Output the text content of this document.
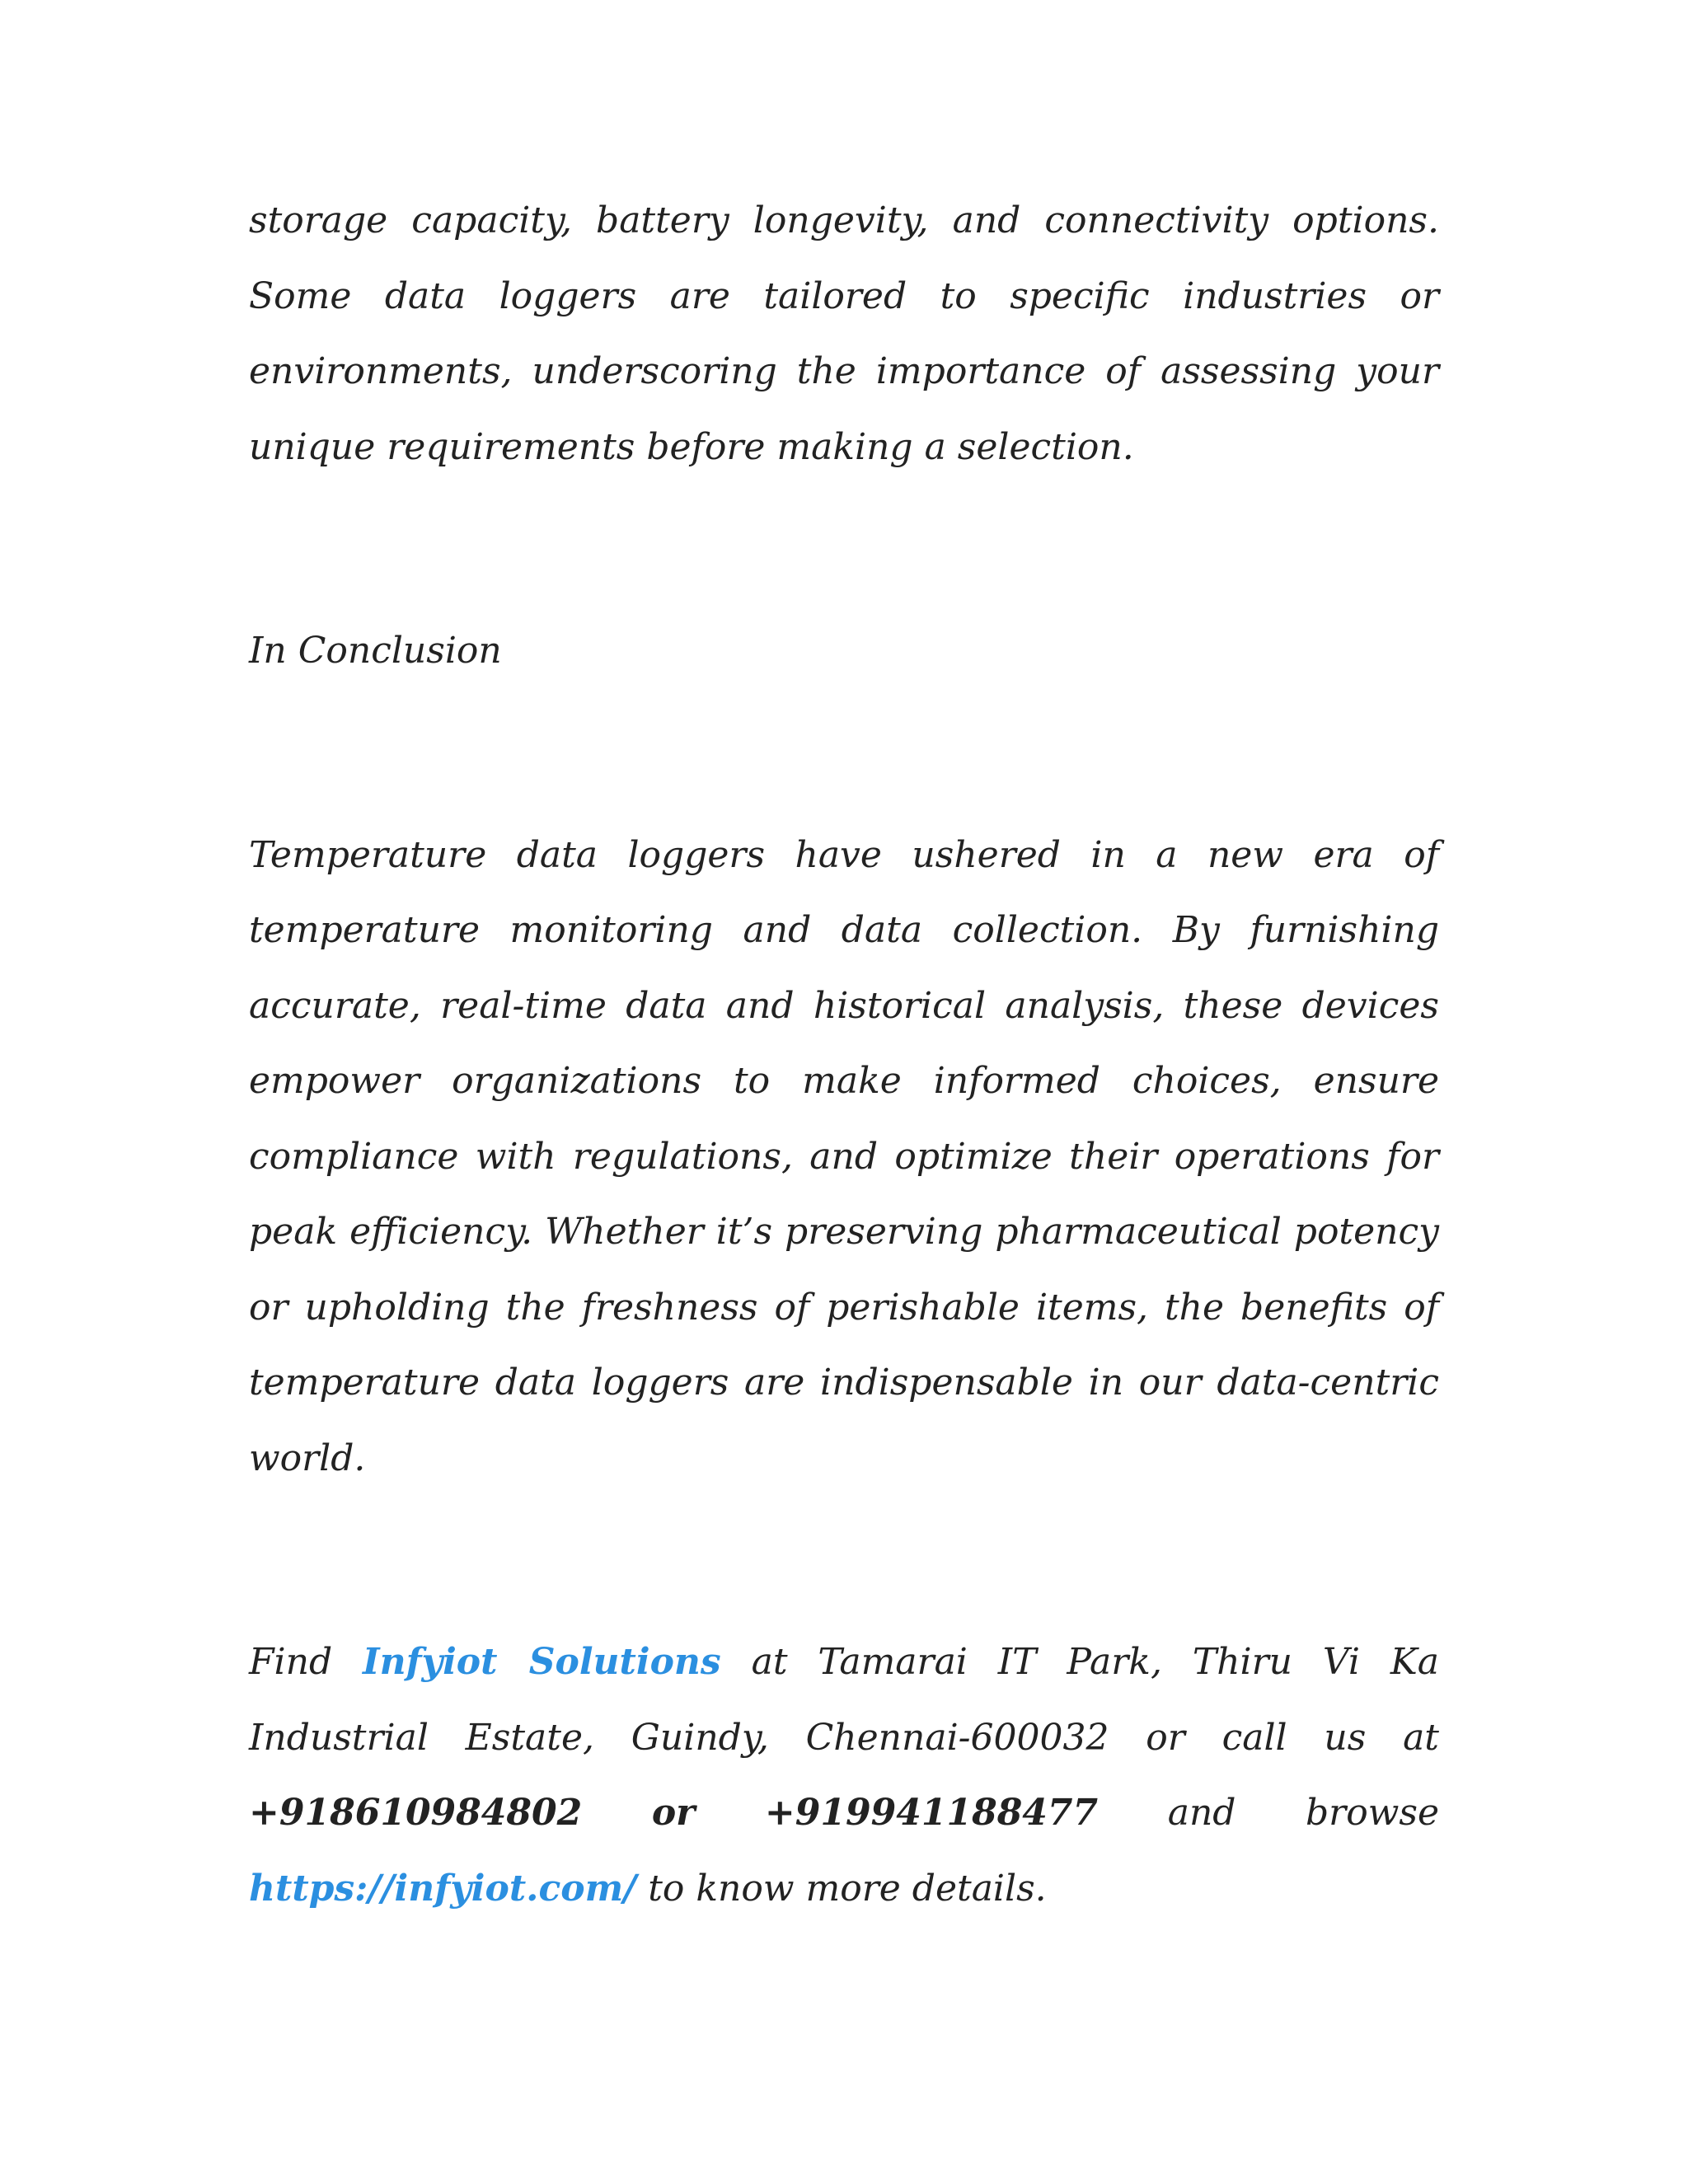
storage capacity, battery longevity, and connectivity options. Some data loggers are tailored to specific industries or environments, underscoring the importance of assessing your unique requirements before making a selection.

In Conclusion

Temperature data loggers have ushered in a new era of temperature monitoring and data collection. By furnishing accurate, real-time data and historical analysis, these devices empower organizations to make informed choices, ensure compliance with regulations, and optimize their operations for peak efficiency. Whether it’s preserving pharmaceutical potency or upholding the freshness of perishable items, the benefits of temperature data loggers are indispensable in our data-centric world.

Find Infyiot Solutions at Tamarai IT Park, Thiru Vi Ka Industrial Estate, Guindy, Chennai-600032 or call us at +918610984802 or +919941188477 and browse https://infyiot.com/ to know more details.
